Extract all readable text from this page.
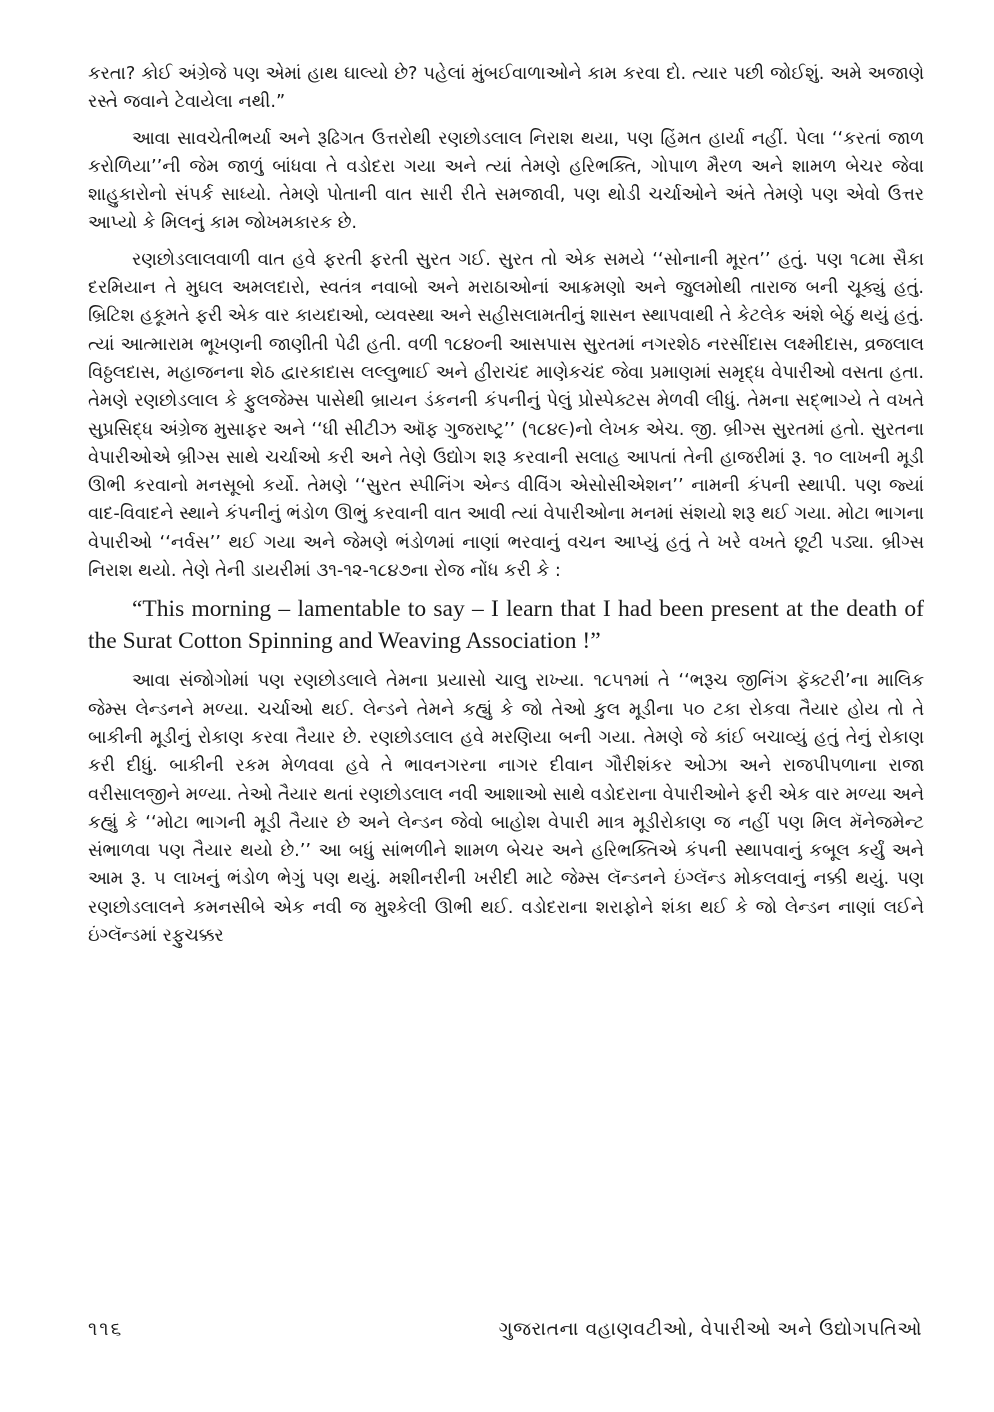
કરતા? કોઈ અંગ્રેજે પણ એમાં હાથ ઘાલ્યો છે? પહેલાં મુંબઈવાળાઓને કામ કરવા દો. ત્યાર પછી જોઈશું. અમે અજાણે રસ્તે જવાને ટેવાયેલા નથી.”

આવા સાવચેતીભર્યા અને રૂઢિગત ઉત્તરોથી રણછોડલાલ નિરાશ થયા, પણ હિંમત હાર્યા નહીં. પેલા ‘‘કરતાં જાળ કરોળિયા’’ની જેમ જાળું બાંધવા તે વડોદરા ગયા અને ત્યાં તેમણે હરિભક્તિ, ગોપાળ મૈરળ અને શામળ બેચર જેવા શાહુકારોનો સંપર્ક સાધ્યો. તેમણે પોતાની વાત સારી રીતે સમજાવી, પણ થોડી ચર્ચાઓને અંતે તેમણે પણ એવો ઉત્તર આપ્યો કે મિલનું કામ જોખમકારક છે.

રણછોડલાલવાળી વાત હવે ફરતી ફરતી સુરત ગઈ. સુરત તો એક સમયે ‘‘સોનાની મૂરત’’ હતું. પણ ૧૮મા સૈકા દરમિયાન તે મુઘલ અમલદારો, સ્વતંત્ર નવાબો અને મરાઠાઓનાં આક્રમણો અને જુલમોથી તારાજ બની ચૂક્યું હતું. બ્રિટિશ હકૂમતે ફરી એક વાર કાયદાઓ, વ્યવસ્થા અને સહીસલામતીનું શાસન સ્થાપવાથી તે કેટલેક અંશે બેઠું થયું હતું. ત્યાં આત્મારામ ભૂખણની જાણીતી પેઢી હતી. વળી ૧૮૪૦ની આસપાસ સુરતમાં નગરશેઠ નરસીંદાસ લક્ષ્મીદાસ, વ્રજલાલ વિઠ્ઠલદાસ, મહાજનના શેઠ દ્વારકાદાસ લલ્લુભાઈ અને હીરાચંદ માણેકચંદ જેવા પ્રમાણમાં સમૃદ્ધ વેપારીઓ વસતા હતા. તેમણે રણછોડલાલ કે ફુલજેમ્સ પાસેથી બ્રાયન ડંકનની કંપનીનું પેલું પ્રોસ્પેક્ટસ મેળવી લીધું. તેમના સદ્ભાગ્યે તે વખતે સુપ્રસિદ્ધ અંગ્રેજ મુસાફર અને ‘‘ધી સીટીઝ ઑફ ગુજરાષ્ટ્ર’’ (૧૮૪૯)નો લેખક એચ. જી. બ્રીગ્સ સુરતમાં હતો. સુરતના વેપારીઓએ બ્રીગ્સ સાથે ચર્ચાઓ કરી અને તેણે ઉદ્યોગ શરૂ કરવાની સલાહ આપતાં તેની હાજરીમાં રૂ. ૧૦ લાખની મૂડી ઊભી કરવાનો મનસૂબો કર્યો. તેમણે ‘‘સુરત સ્પીનિંગ એન્ડ વીવિંગ એસોસીએશન’’ નામની કંપની સ્થાપી. પણ જ્યાં વાદ-વિવાદને સ્થાને કંપનીનું ભંડોળ ઊભું કરવાની વાત આવી ત્યાં વેપારીઓના મનમાં સંશયો શરૂ થઈ ગયા. મોટા ભાગના વેપારીઓ ‘‘નર્વસ’’ થઈ ગયા અને જેમણે ભંડોળમાં નાણાં ભરવાનું વચન આપ્યું હતું તે ખરે વખતે છૂટી પડ્યા. બ્રીગ્સ નિરાશ થયો. તેણે તેની ડાયરીમાં ૩૧-૧૨-૧૮૪૭ના રોજ નોંધ કરી કે :

“This morning – lamentable to say – I learn that I had been present at the death of the Surat Cotton Spinning and Weaving Association !”

આવા સંજોગોમાં પણ રણછોડલાલે તેમના પ્રયાસો ચાલુ રાખ્યા. ૧૮૫૧માં તે ‘‘ભરૂચ જીનિંગ ફૅક્ટરી’ના માલિક જેમ્સ લેન્ડનને મળ્યા. ચર્ચાઓ થઈ. લેન્ડને તેમને કહ્યું કે જો તેઓ કુલ મૂડીના ૫૦ ટકા રોકવા તૈયાર હોય તો તે બાકીની મૂડીનું રોકાણ કરવા તૈયાર છે. રણછોડલાલ હવે મરણિયા બની ગયા. તેમણે જે કાંઈ બચાવ્યું હતું તેનું રોકાણ કરી દીધું. બાકીની રકમ મેળવવા હવે તે ભાવનગરના નાગર દીવાન ગૌરીશંકર ઓઝા અને રાજપીપળાના રાજા વરીસાલજીને મળ્યા. તેઓ તૈયાર થતાં રણછોડલાલ નવી આશાઓ સાથે વડોદરાના વેપારીઓને ફરી એક વાર મળ્યા અને કહ્યું કે ‘‘મોટા ભાગની મૂડી તૈયાર છે અને લેન્ડન જેવો બાહોશ વેપારી માત્ર મૂડીરોકાણ જ નહીં પણ મિલ મૅનેજમેન્ટ સંભાળવા પણ તૈયાર થયો છે.’’ આ બધું સાંભળીને શામળ બેચર અને હરિભક્તિએ કંપની સ્થાપવાનું કબૂલ કર્યું અને આમ રૂ. ૫ લાખનું ભંડોળ ભેગું પણ થયું. મશીનરીની ખરીદી માટે જેમ્સ લૅન્ડનને ઇંગ્લૅન્ડ મોકલવાનું નક્કી થયું. પણ રણછોડલાલને કમનસીબે એક નવી જ મુશ્કેલી ઊભી થઈ. વડોદરાના શરાફોને શંકા થઈ કે જો લેન્ડન નાણાં લઈને ઇંગ્લૅન્ડમાં રફુચક્કર

૧૧૬	ગુજરાતના વહાણવટીઓ, વેપારીઓ અને ઉદ્યોગપતિઓ
